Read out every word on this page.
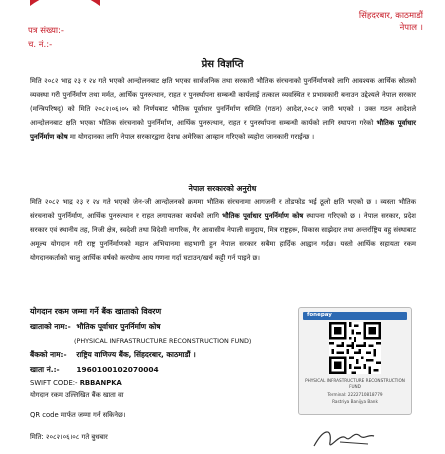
पत्र संख्या:-
च. नं.:-
सिंहदरबार, काठमाडौं
नेपाल ।
प्रेस विज्ञप्ति
मिति २०८२ भाद्र २३ र २४ गते भएको आन्दोलनबाट क्षति भएका सार्वजनिक तथा सरकारी भौतिक संरचनाको पुनर्निर्माणको लागि आवश्यक आर्थिक स्रोतको व्यवस्था गरी पुनर्निर्माण तथा मर्मत, आर्थिक पुनरुत्थान, राहत र पुनर्स्थापना सम्बन्धी कार्यलाई तत्काल व्यवस्थित र प्रभावकारी बनाउन उद्देश्यले नेपाल सरकार (मन्त्रिपरिषद्) को मिति २०८२।०६।०५ को निर्णयबाट भौतिक पूर्वाधार पुनर्निर्माण समिति (गठन) आदेश,२०८२ जारी भएको । उक्त गठन आदेशले आन्दोलनबाट क्षति भएका भौतिक संरचनाको पुनर्निर्माण, आर्थिक पुनरुत्थान, राहत र पुनर्स्थापना सम्बन्धी कार्यको लागि स्थापना गरेको भौतिक पूर्वाधार पुनर्निर्माण कोष मा योगदानका लागि नेपाल सरकारद्वारा देशभ्र अमेरिका आव्हान गरिएको व्यहोरा जानकारी गराईन्छ ।
नेपाल सरकारको अनुरोध
मिति २०८२ भाद्र २३ र २४ गते भएको जेन-जी आन्दोलनको क्रममा भौतिक संरचनामा आगजनी र तोडफोड भई ठूलो क्षति भएको छ । व्यस्ता भौतिक संरचनाको पुनर्निर्माण, आर्थिक पुनरुत्थान र राहत लगायतका कार्यको लागि भौतिक पूर्वाधार पुनर्निर्माण कोष स्थापना गरिएको छ । नेपाल सरकार, प्रदेश सरकार एवं स्थानीय तह, निजी क्षेत्र, स्वदेशी तथा विदेशी नागरिक, गैर आवासीय नेपाली समुदाय, मित्र राष्ट्रहरू, विकास साझेदार तथा अन्तर्राष्ट्रिय वहु संस्थाबाट अमूल्य योगदान गरी राष्ट्र पुनर्निर्माणको महान अभियानमा सहभागी हुन नेपाल सरकार सबैमा हार्दिक आह्वान गर्दछ। यस्तो आर्थिक सहायता रकम योगदानकर्ताको चालु आर्थिक वर्षको करयोग्य आय गणना गर्दा घटाउन/खर्च कट्टी गर्न पाइने छ।
योगदान रकम जम्मा गर्ने बैंक खाताको विवरण
खाताको नाम:- भौतिक पूर्वाधार पुनर्निर्माण कोष
(PHYSICAL INFRASTRUCTURE RECONSTRUCTION FUND)
बैंकको नाम:- राष्ट्रिय वाणिज्य बैंक, सिंहदरबार, काठमाडौं ।
खाता नं.:- 1960100102070004
SWIFT CODE:- RBBANPKA
योगदान रकम उल्लिखित बैंक खाता वा
QR code मार्फत जम्मा गर्न सकिनेछ।
मिति: २०८२।०६।०८ गते बुधबार
fonepay
PHYSICAL INFRASTRUCTURE RECONSTRUCTION
FUND
Terminal: 2222710818779
Rastriya Banijya Bank
